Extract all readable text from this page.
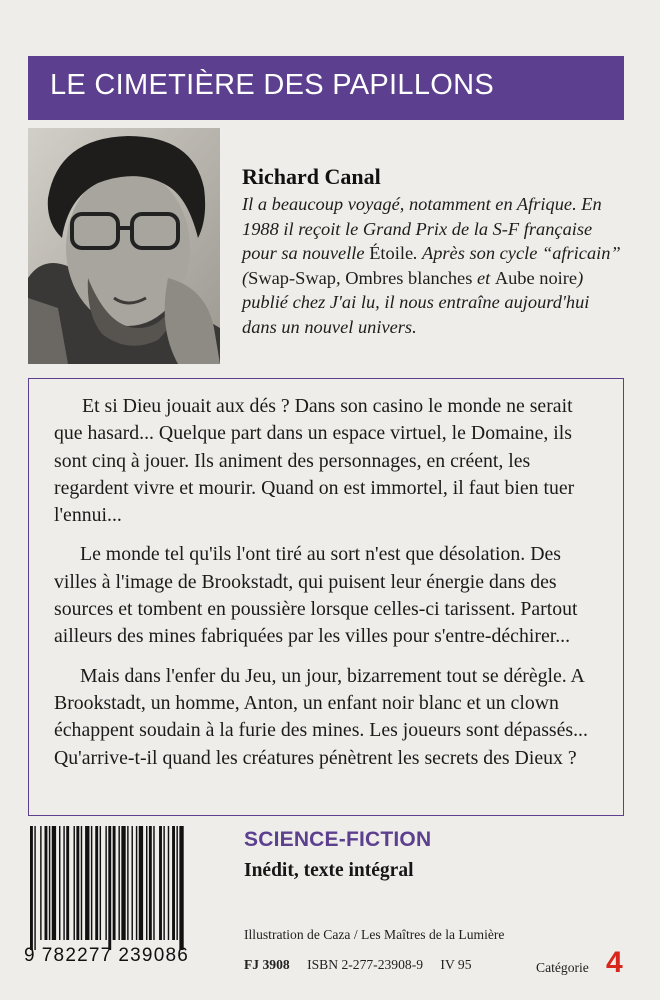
LE CIMETIÈRE DES PAPILLONS
Richard Canal
Il a beaucoup voyagé, notamment en Afrique. En 1988 il reçoit le Grand Prix de la S-F française pour sa nouvelle Étoile. Après son cycle “africain” (Swap-Swap, Ombres blanches et Aube noire) publié chez J'ai lu, il nous entraîne aujourd'hui dans un nouvel univers.

Et si Dieu jouait aux dés ? Dans son casino le monde ne serait que hasard... Quelque part dans un espace virtuel, le Domaine, ils sont cinq à jouer. Ils animent des personnages, en créent, les regardent vivre et mourir. Quand on est immortel, il faut bien tuer l'ennui...

Le monde tel qu'ils l'ont tiré au sort n'est que désolation. Des villes à l'image de Brookstadt, qui puisent leur énergie dans des sources et tombent en poussière lorsque celles-ci tarissent. Partout ailleurs des mines fabriquées par les villes pour s'entre-déchirer...

Mais dans l'enfer du Jeu, un jour, bizarrement tout se dérègle. A Brookstadt, un homme, Anton, un enfant noir blanc et un clown échappent soudain à la furie des mines. Les joueurs sont dépassés... Qu'arrive-t-il quand les créatures pénètrent les secrets des Dieux ?

9 782277 239086
SCIENCE-FICTION
Inédit, texte intégral
Illustration de Caza / Les Maîtres de la Lumière
FJ 3908 ISBN 2-277-23908-9 IV 95	Catégorie 4
